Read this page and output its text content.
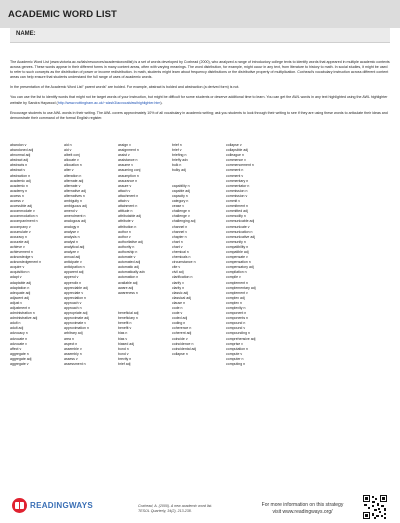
ACADEMIC WORD LIST
NAME:

The Academic Word List (www.victoria.ac.nz/lals/resources/academicwordlist) is a set of words developed by Coxhead (2000), who analyzed a range of introductory college texts to identify words that appeared in multiple academic contexts across genres. These words appear in their different forms in many content areas, often with varying meanings. The word distribution, for example, might occur in any text, from literature to history to math. In social studies, it might be used to refer to such concepts as the distribution of power or income redistribution. In math, students might learn about frequency distributions or the distributive property of multiplication. Coxhead’s vocabulary instruction across different content areas can help ensure that students understand the full range of uses of academic words.

In the presentation of the Academic Word List" parent words" are bolded. For example, abstract is bolded and abstraction (a derived form) is not.

You can use the list to identify words that might not be target words of your instruction, but might be difficult for some students or deserve additional time to learn. You can get the AWL words in any text highlighted using the AWL highlighter website by Sandra Haywood (http://www.nottingham.ac.uk/~alzsh3/acvocab/awlhighlighter.htm).

Encourage students to use AWL words in their writing. The AWL covers approximately 10% of all vocabulary in academic writing; ask you students to look through their writing to see if they are using these words to articulate their ideas and demonstrate their command of the formal English register.

abandon v
abandoned adj
abnormal adj
abstract adj
abstracts n
abstract v
abstraction n
academic adj
academic n
academy n
access n
access v
accessible adj
accommodate v
accommodation n
accompaniment n
accompany v
accumulate v
accuracy n
accurate adj
achieve v
achievement n
acknowledge v
acknowledgement n
acquire v
acquisition n
adapt v
adaptable adj
adaptation n
adequate adj
adjacent adj
adjust v
adjustment n
administration n
administrative adj
adult n
adult adj
advocacy n
advocate n
advocate v
affect v
aggregate n
aggregate adj
aggregate v
aid n
aid v
albeit conj
allocate v
allocation n
alter v
alteration n
alternate adj
alternate v
alternative adj
alternatives n
ambiguity n
ambiguous adj
amend v
amendment n
analogous adj
analogy n
analyse v
analysis n
analyst n
analytical adj
analyze v
annual adj
anticipate v
anticipation n
apparent adj
append v
appendix n
appreciable adj
appreciate v
appreciation n
approach v
approach n
appropriate adj
approximate adj
approximate v
approximation n
arbitrary adj
area n
aspect n
assemble v
assembly n
assess v
assessment n
assign v
assignment n
assist v
assistance n
assume v
assuming conj
assumption n
assurance n
assure v
attach v
attachment n
attain v
attainment n
attitude n
attributable adj
attribute v
attribution n
author n
author v
authoritative adj
authority n
authorship n
automate v
automated adj
automatic adj
automatically adv
automation n
available adj
aware adj
awareness n
beneficial adj
beneficiary n
benefit n
benefit v
bias n
bias v
biased adj
bond n
bond v
brevity n
brief adj
brief n
brief v
briefing n
briefly adv
bulk n
bulky adj
capability n
capable adj
capacity n
category n
cease v
challenge n
challenge v
challenging adj
channel n
channel v
chapter n
chart n
chart v
chemical n
chemicals n
circumstance n
cite v
civil adj
clarification n
clarify v
clarity n
classic adj
classical adj
clause n
code n
code v
coded adj
coding n
coherence n
coherent adj
coincide v
coincidence n
coincidental adj
collapse n
collapse v
collapsible adj
colleague n
commence v
commencement n
comment n
comment v
commentary n
commentator n
commission n
commission v
commit v
commitment n
committed adj
commodity n
communicable adj
communicate v
communication n
communicative adj
community n
compatibility n
compatible adj
compensate v
compensation n
compensatory adj
compilation n
compile v
complement n
complementary adj
complement v
complex adj
complex n
complexity n
component n
components n
compound n
compound v
compounding n
comprehensive adj
comprise v
computation n
compute v
computer n
computing n
READINGWAYS	Coxhead, A. (2000). A new academic word list.
TESOL Quarterly, 34(2), 213-238.
For more information on this strategy
visit www.readingways.org/
